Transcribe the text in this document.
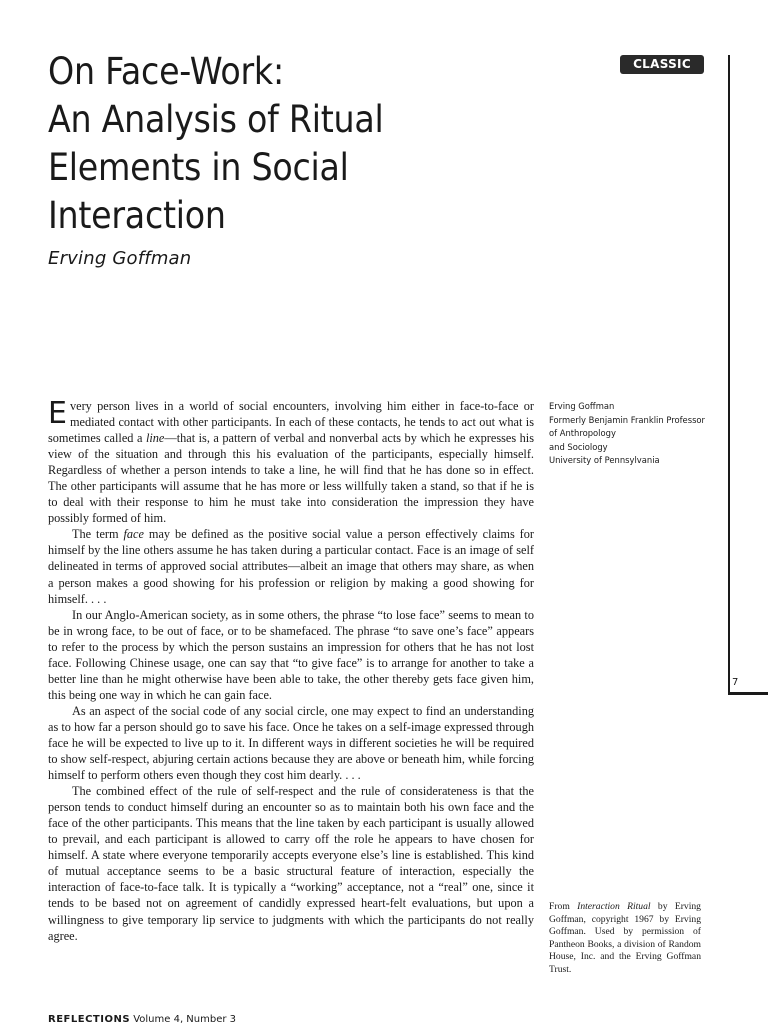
On Face-Work:
An Analysis of Ritual
Elements in Social
Interaction

Erving Goffman

CLASSIC
7

Every person lives in a world of social encounters, involving him either in face-to-face or mediated contact with other participants. In each of these contacts, he tends to act out what is sometimes called a line—that is, a pattern of verbal and nonverbal acts by which he expresses his view of the situation and through this his evaluation of the participants, especially himself. Regardless of whether a person intends to take a line, he will find that he has done so in effect. The other participants will assume that he has more or less willfully taken a stand, so that if he is to deal with their response to him he must take into consideration the impression they have possibly formed of him.

The term face may be defined as the positive social value a person effectively claims for himself by the line others assume he has taken during a particular contact. Face is an image of self delineated in terms of approved social attributes—albeit an image that others may share, as when a person makes a good showing for his profession or religion by making a good showing for himself. . . .

In our Anglo-American society, as in some others, the phrase “to lose face” seems to mean to be in wrong face, to be out of face, or to be shamefaced. The phrase “to save one’s face” appears to refer to the process by which the person sustains an impression for others that he has not lost face. Following Chinese usage, one can say that “to give face” is to arrange for another to take a better line than he might otherwise have been able to take, the other thereby gets face given him, this being one way in which he can gain face.

As an aspect of the social code of any social circle, one may expect to find an understanding as to how far a person should go to save his face. Once he takes on a self-image expressed through face he will be expected to live up to it. In different ways in different societies he will be required to show self-respect, abjuring certain actions because they are above or beneath him, while forcing himself to perform others even though they cost him dearly. . . .

The combined effect of the rule of self-respect and the rule of considerateness is that the person tends to conduct himself during an encounter so as to maintain both his own face and the face of the other participants. This means that the line taken by each participant is usually allowed to prevail, and each participant is allowed to carry off the role he appears to have chosen for himself. A state where everyone temporarily accepts everyone else’s line is established. This kind of mutual acceptance seems to be a basic structural feature of interaction, especially the interaction of face-to-face talk. It is typically a “working” acceptance, not a “real” one, since it tends to be based not on agreement of candidly expressed heart-felt evaluations, but upon a willingness to give temporary lip service to judgments with which the participants do not really agree.

Erving Goffman
Formerly Benjamin Franklin Professor
of Anthropology
and Sociology
University of Pennsylvania
From Interaction Ritual by Erving Goffman, copyright 1967 by Erving Goffman. Used by permission of Pantheon Books, a division of Random House, Inc. and the Erving Goffman Trust.
REFLECTIONS Volume 4, Number 3
